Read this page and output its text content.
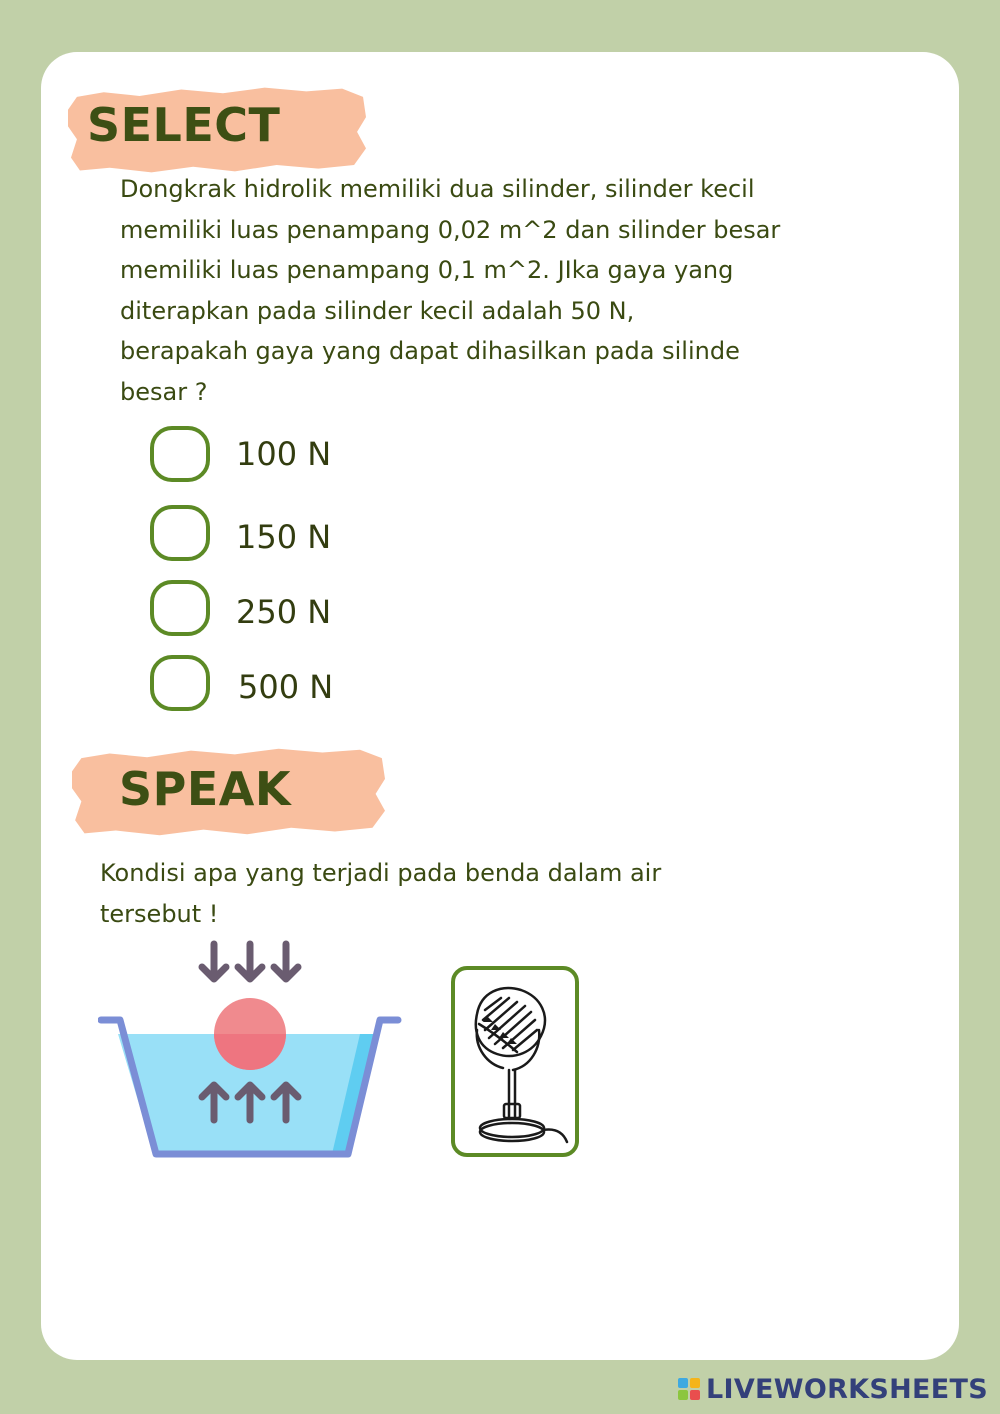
SELECT
Dongkrak hidrolik memiliki dua silinder, silinder kecil
memiliki luas penampang 0,02 m^2 dan silinder besar
memiliki luas penampang 0,1 m^2. JIka gaya yang
diterapkan pada silinder kecil adalah 50 N,
berapakah gaya yang dapat dihasilkan pada silinde
besar ?
100 N
150 N
250 N
500 N
SPEAK
Kondisi apa yang terjadi pada benda dalam air
tersebut !
LIVEWORKSHEETS
